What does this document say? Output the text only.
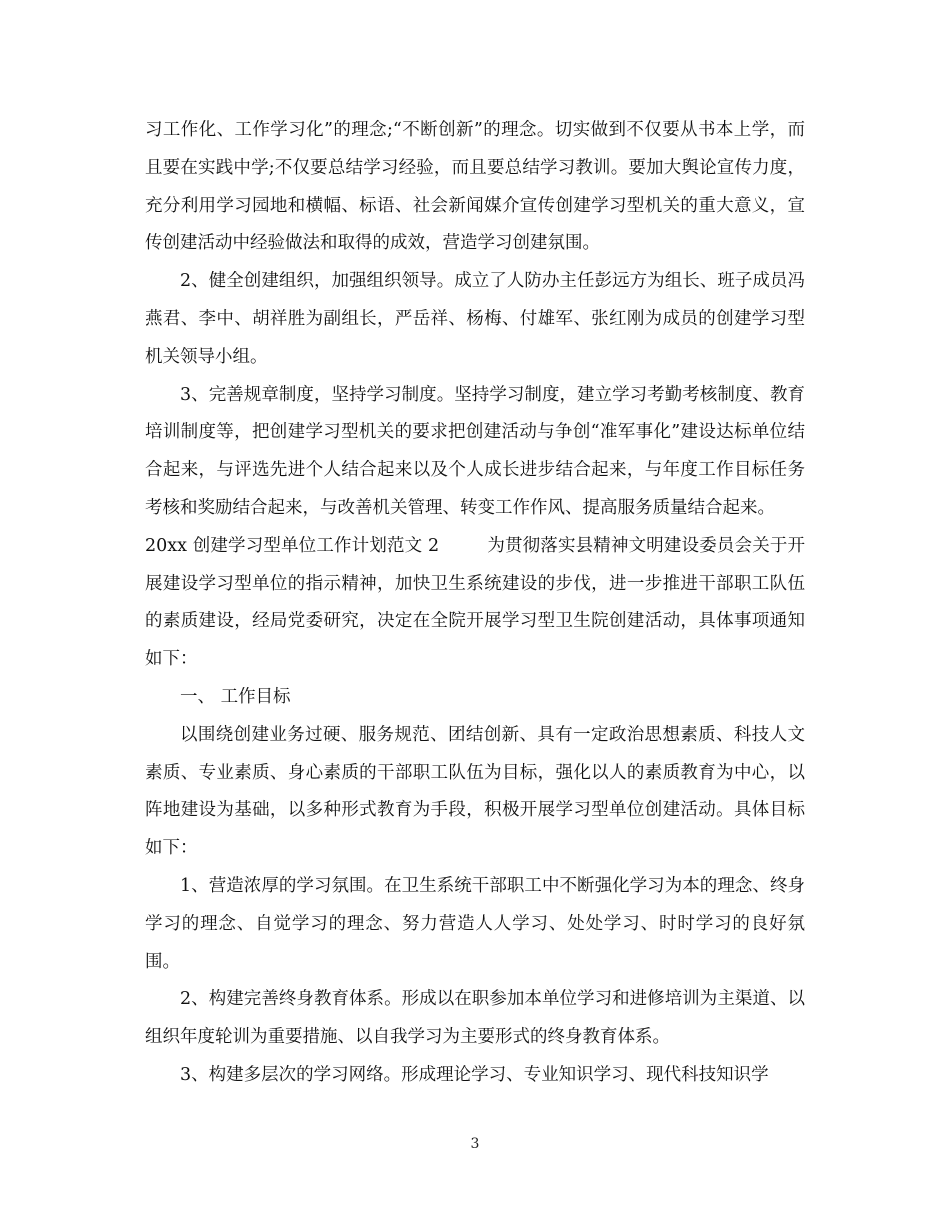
习工作化、工作学习化”的理念;“不断创新”的理念。切实做到不仅要从书本上学，而且要在实践中学;不仅要总结学习经验，而且要总结学习教训。要加大舆论宣传力度，充分利用学习园地和横幅、标语、社会新闻媒介宣传创建学习型机关的重大意义，宣传创建活动中经验做法和取得的成效，营造学习创建氛围。

2、健全创建组织，加强组织领导。成立了人防办主任彭远方为组长、班子成员冯燕君、李中、胡祥胜为副组长，严岳祥、杨梅、付雄军、张红刚为成员的创建学习型机关领导小组。

3、完善规章制度，坚持学习制度。坚持学习制度，建立学习考勤考核制度、教育培训制度等，把创建学习型机关的要求把创建活动与争创“准军事化”建设达标单位结合起来，与评选先进个人结合起来以及个人成长进步结合起来，与年度工作目标任务考核和奖励结合起来，与改善机关管理、转变工作作风、提高服务质量结合起来。

20xx 创建学习型单位工作计划范文 2	为贯彻落实县精神文明建设委员会关于开展建设学习型单位的指示精神，加快卫生系统建设的步伐，进一步推进干部职工队伍的素质建设，经局党委研究，决定在全院开展学习型卫生院创建活动，具体事项通知如下：

一、 工作目标

以围绕创建业务过硬、服务规范、团结创新、具有一定政治思想素质、科技人文素质、专业素质、身心素质的干部职工队伍为目标，强化以人的素质教育为中心，以阵地建设为基础，以多种形式教育为手段，积极开展学习型单位创建活动。具体目标如下：

1、营造浓厚的学习氛围。在卫生系统干部职工中不断强化学习为本的理念、终身学习的理念、自觉学习的理念、努力营造人人学习、处处学习、时时学习的良好氛围。

2、构建完善终身教育体系。形成以在职参加本单位学习和进修培训为主渠道、以组织年度轮训为重要措施、以自我学习为主要形式的终身教育体系。

3、构建多层次的学习网络。形成理论学习、专业知识学习、现代科技知识学

3
